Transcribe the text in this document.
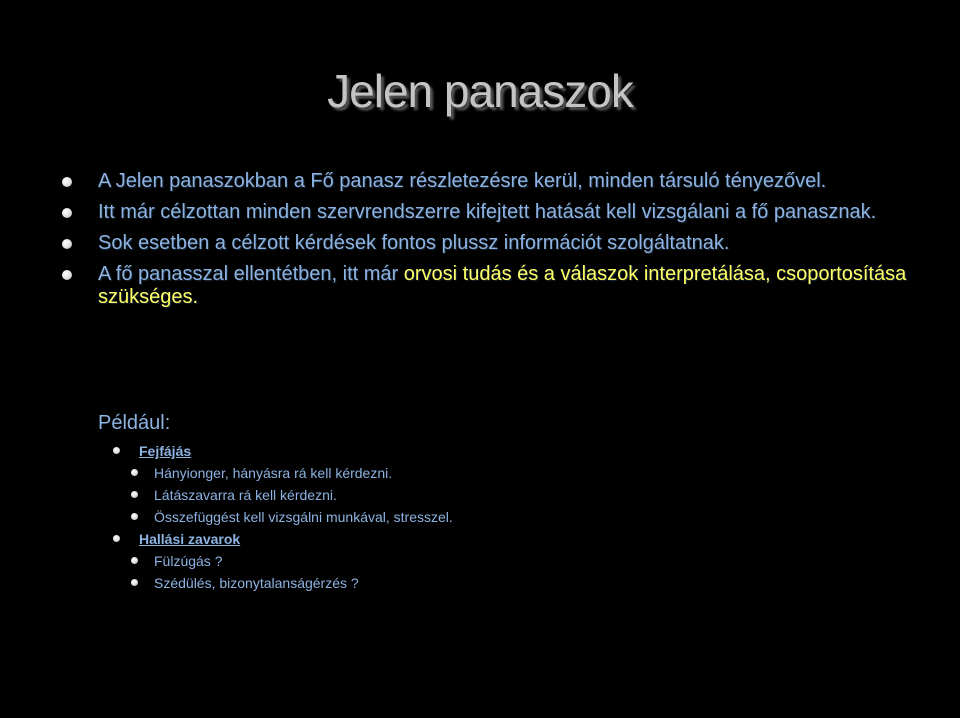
Jelen panaszok
A Jelen panaszokban a Fő panasz részletezésre kerül, minden társuló tényezővel.
Itt már célzottan minden szervrendszerre kifejtett hatását kell vizsgálani a fő panasznak.
Sok esetben a célzott kérdések fontos plussz információt szolgáltatnak.
A fő panasszal ellentétben, itt már orvosi tudás és a válaszok interpretálása, csoportosítása szükséges.
Például:
Fejfájás
Hányionger, hányásra rá kell kérdezni.
Látászavarra rá kell kérdezni.
Összefüggést kell vizsgálni munkával, stresszel.
Hallási zavarok
Fülzúgás ?
Szédülés, bizonytalanságérzés ?
